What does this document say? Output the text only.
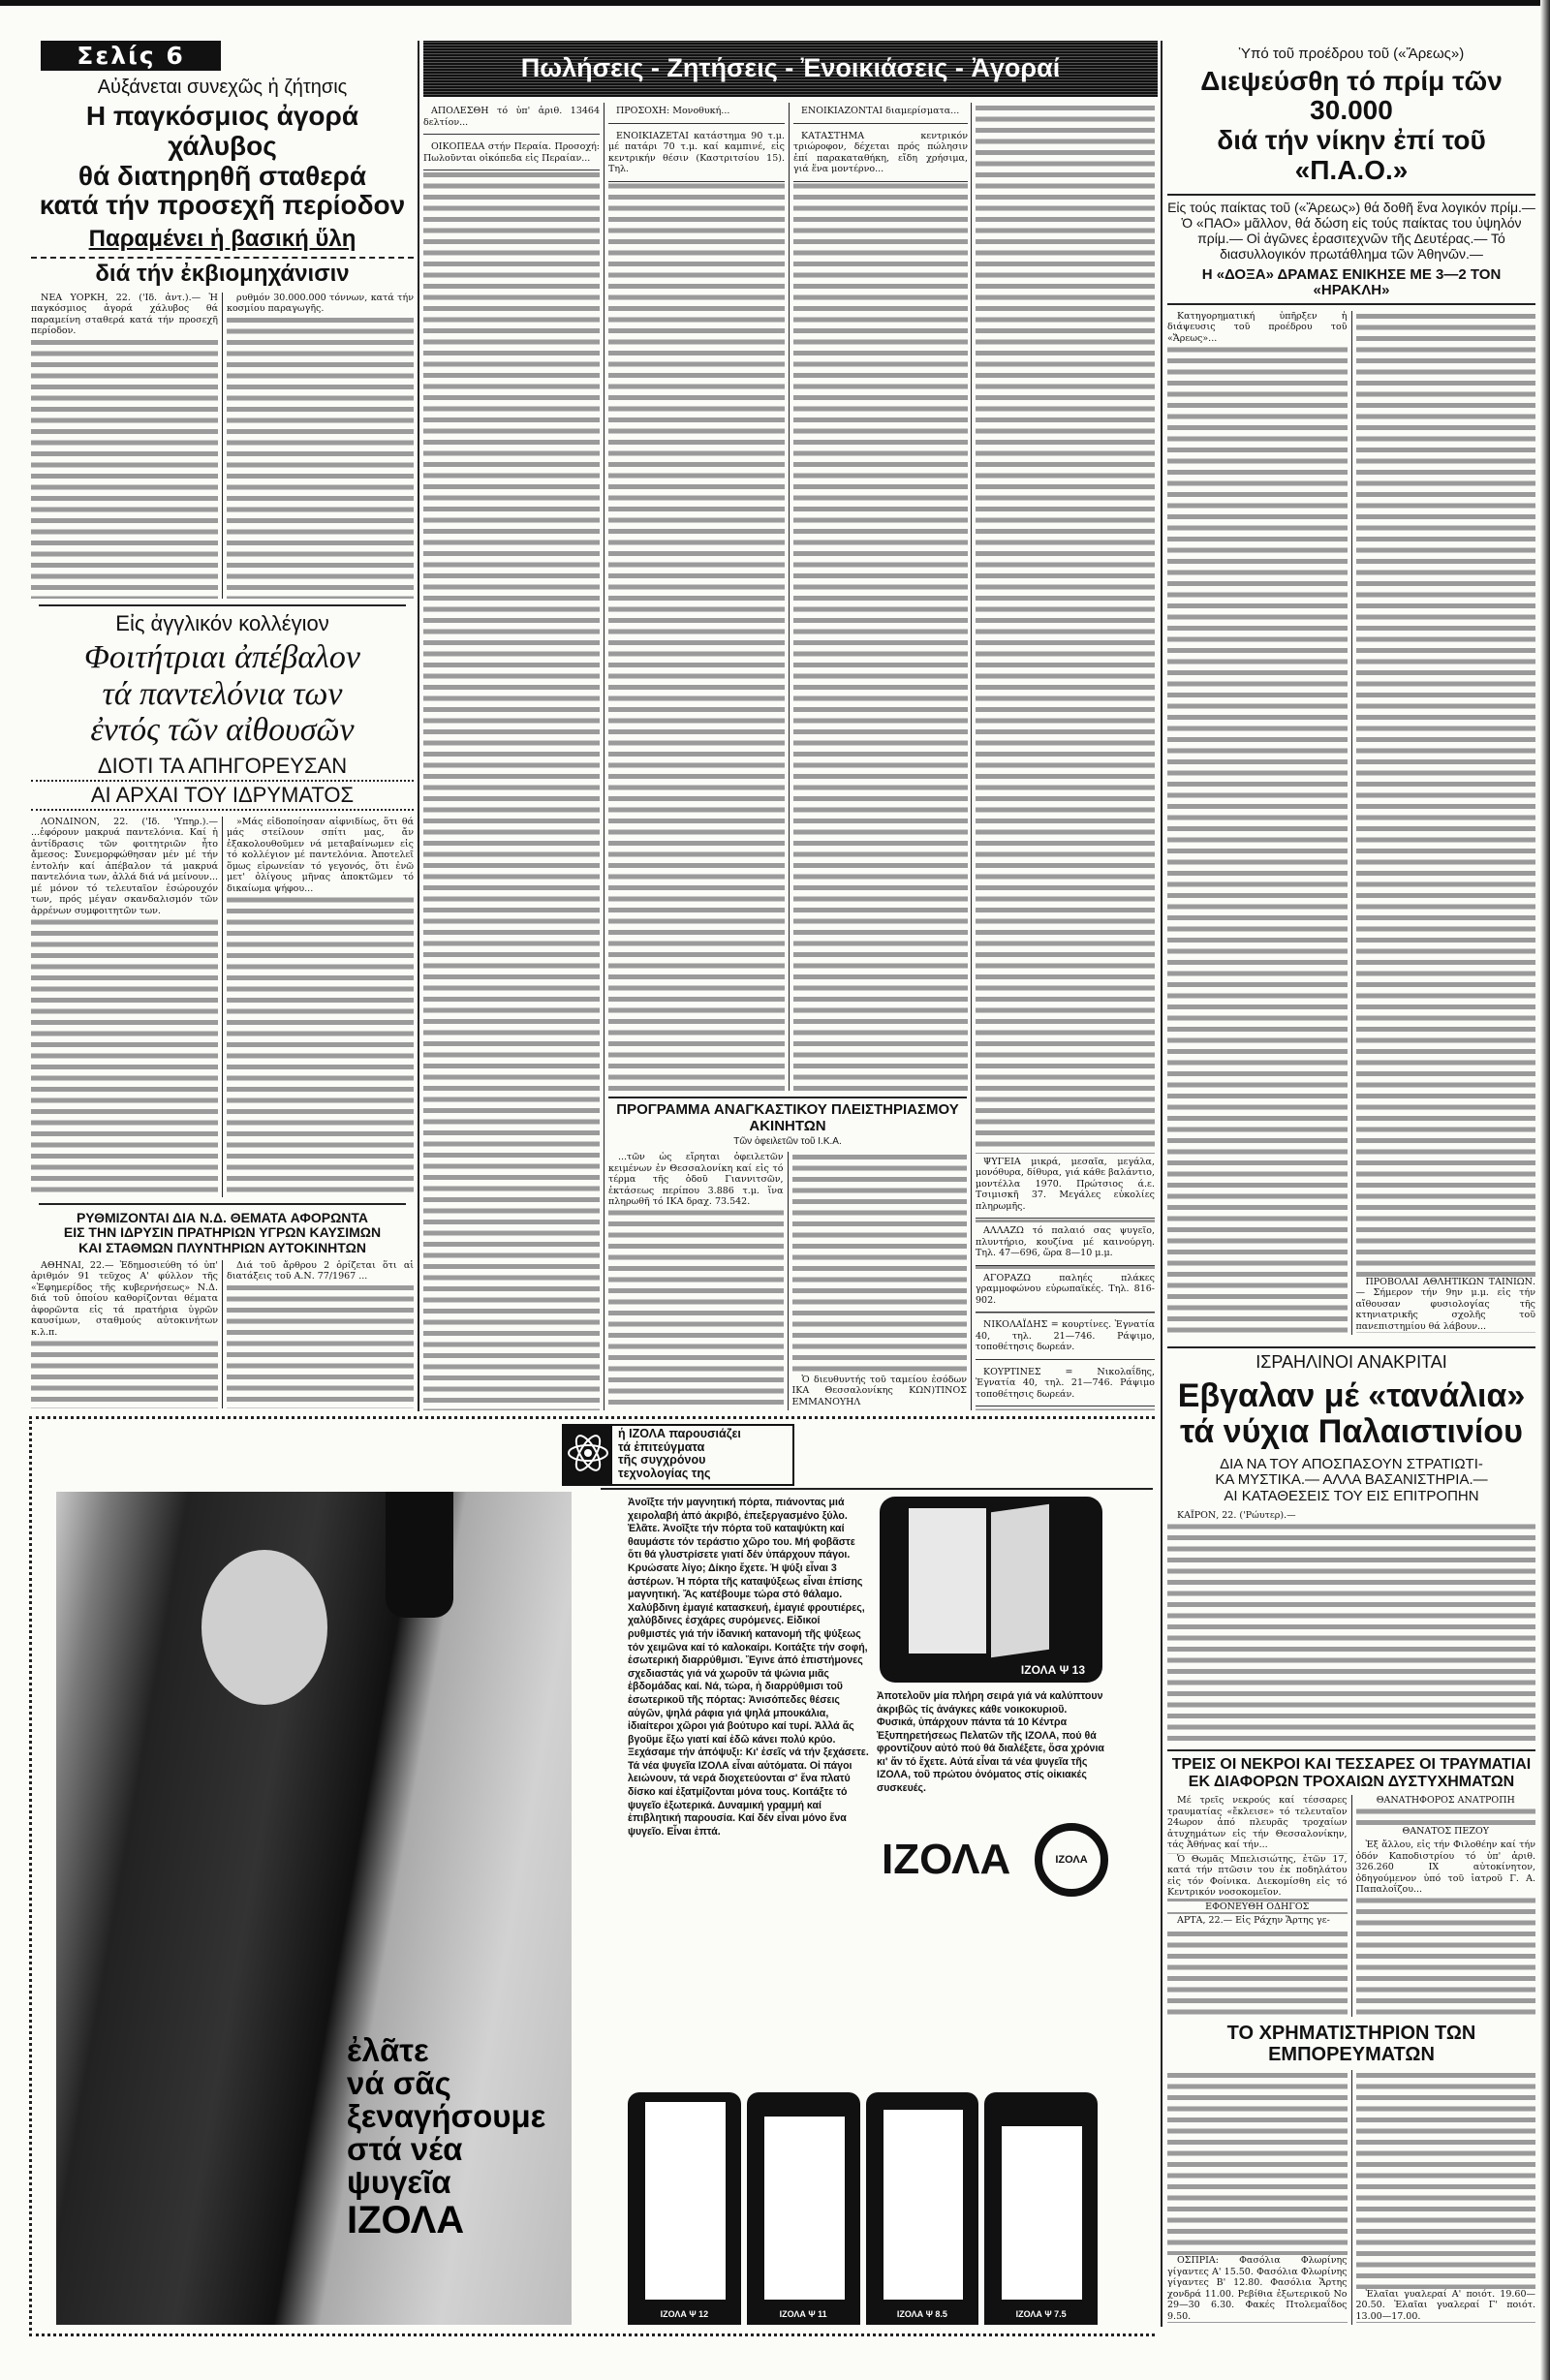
Σελίς 6
Αὐξάνεται συνεχῶς ἡ ζήτησις
Η παγκόσμιος ἀγορά χάλυβος
θά διατηρηθῆ σταθερά
κατά τήν προσεχῆ περίοδον
Παραμένει ἡ βασική ὕλη
διά τήν ἐκβιομηχάνισιν

ΝΕΑ ΥΟΡΚΗ, 22. ('Ιδ. ἀντ.).— Ἡ παγκόσμιος ἀγορά χάλυβος θά παραμείνη σταθερά κατά τήν προσεχῆ περίοδον.

ρυθμόν 30.000.000 τόννων, κατά τήν κοσμίου παραγωγῆς.

Εἰς ἀγγλικόν κολλέγιον
Φοιτήτριαι ἀπέβαλον
τά παντελόνια των
ἐντός τῶν αἰθουσῶν
ΔΙΟΤΙ ΤΑ ΑΠΗΓΟΡΕΥΣΑΝ
ΑΙ ΑΡΧΑΙ ΤΟΥ ΙΔΡΥΜΑΤΟΣ

ΛΟΝΔΙΝΟΝ, 22. ('Ιδ. 'Υπηρ.).— ...ἐφόρουν μακρυά παντελόνια. Καί ἡ ἀντίδρασις τῶν φοιτητριῶν ἦτο ἄμεσος: Συνεμορφώθησαν μέν μέ τήν ἐντολήν καί ἀπέβαλον τά μακρυά παντελόνια των, ἀλλά διά νά μείνουν... μέ μόνον τό τελευταῖον ἐσώρουχόν των, πρός μέγαν σκανδαλισμόν τῶν ἀρρένων συμφοιτητῶν των.

»Μάς εἰδοποίησαν αἰφνιδίως, ὅτι θά μάς στείλουν σπίτι μας, ἄν ἐξακολουθοῦμεν νά μεταβαίνωμεν εἰς τό κολλέγιον μέ παντελόνια. Ἀποτελεῖ ὅμως εἰρωνείαν τό γεγονός, ὅτι ἐνῶ μετ' ὀλίγους μῆνας ἀποκτῶμεν τό δικαίωμα ψήφου...

ΡΥΘΜΙΖΟΝΤΑΙ ΔΙΑ Ν.Δ. ΘΕΜΑΤΑ ΑΦΟΡΩΝΤΑ
ΕΙΣ ΤΗΝ ΙΔΡΥΣΙΝ ΠΡΑΤΗΡΙΩΝ ΥΓΡΩΝ ΚΑΥΣΙΜΩΝ
ΚΑΙ ΣΤΑΘΜΩΝ ΠΛΥΝΤΗΡΙΩΝ ΑΥΤΟΚΙΝΗΤΩΝ

ΑΘΗΝΑΙ, 22.— Ἐδημοσιεύθη τό ὑπ' ἀριθμόν 91 τεῦχος Α' φύλλον τῆς «Ἐφημερίδος τῆς κυβερνήσεως» Ν.Δ. διά τοῦ ὁποίου καθορίζονται θέματα ἀφορῶντα εἰς τά πρατήρια ὑγρῶν καυσίμων, σταθμούς αὐτοκινήτων κ.λ.π.

Διά τοῦ ἄρθρου 2 ὁρίζεται ὅτι αἱ διατάξεις τοῦ Α.Ν. 77/1967 ...

Πωλήσεις - Ζητήσεις - Ἐνοικιάσεις - Ἀγοραί

ΑΠΟΛΕΣΘΗ τό ὑπ' ἀριθ. 13464 δελτίον...

ΟΙΚΟΠΕΔΑ στήν Περαία. Προσοχή: Πωλοῦνται οἰκόπεδα εἰς Περαίαν...

ΠΡΟΣΟΧΗ: Μονοθυκή...

ΕΝΟΙΚΙΑΖΕΤΑΙ κατάστημα 90 τ.μ. μέ πατάρι 70 τ.μ. καί καμπινέ, εἰς κεντρικήν θέσιν (Καστριτσίου 15). Τηλ.

ΕΝΟΙΚΙΑΖΟΝΤΑΙ διαμερίσματα...

ΚΑΤΑΣΤΗΜΑ κεντρικόν τριώροφον, δέχεται πρός πώλησιν ἐπί παρακαταθήκη, εἴδη χρήσιμα, γιά ἕνα μοντέρνο...

ΨΥΓΕΙΑ μικρά, μεσαῖα, μεγάλα, μονόθυρα, δίθυρα, γιά κάθε βαλάντιο, μοντέλλα 1970. Πρώτσιος ά.ε. Τσιμισκῆ 37. Μεγάλες εὐκολίες πληρωμῆς.

ΑΛΛΑΖΩ τό παλαιό σας ψυγεῖο, πλυντήριο, κουζίνα μέ καινούργη. Τηλ. 47—696, ὥρα 8—10 μ.μ.

ΑΓΟΡΑΖΩ παληές πλάκες γραμμοφώνου εὐρωπαϊκές. Τηλ. 816-902.

ΝΙΚΟΛΑΪΔΗΣ = κουρτίνες. Ἐγνατία 40, τηλ. 21—746. Ράψιμο, τοποθέτησις δωρεάν.

ΚΟΥΡΤΙΝΕΣ = Νικολαΐδης, Ἐγνατία 40, τηλ. 21—746. Ράψιμο τοποθέτησις δωρεάν.

ΠΡΟΓΡΑΜΜΑ ΑΝΑΓΚΑΣΤΙΚΟΥ ΠΛΕΙΣΤΗΡΙΑΣΜΟΥ ΑΚΙΝΗΤΩΝ
Τῶν ὀφειλετῶν τοῦ Ι.Κ.Α.

...τῶν ὡς εἴρηται ὀφειλετῶν κειμένων ἐν Θεσσαλονίκη καί εἰς τό τέρμα τῆς ὁδοῦ Γιαννιτσῶν, ἐκτάσεως περίπου 3.886 τ.μ. ἵνα πληρωθῆ τό ΙΚΑ δραχ. 73.542.

Ὁ διευθυντής τοῦ ταμείου ἐσόδων ΙΚΑ Θεσσαλονίκης ΚΩΝ)ΤΙΝΟΣ ΕΜΜΑΝΟΥΗΛ

Ὑπό τοῦ προέδρου τοῦ («Ἄρεως»)
Διεψεύσθη τό πρίμ τῶν 30.000
διά τήν νίκην ἐπί τοῦ «Π.Α.Ο.»
Εἰς τούς παίκτας τοῦ («Ἄρεως») θά δοθῆ ἕνα λογικόν πρίμ.— Ὁ «ΠΑΟ» μᾶλλον, θά δώση εἰς τούς παίκτας του ὑψηλόν πρίμ.— Οἱ ἀγῶνες ἐρασιτεχνῶν τῆς Δευτέρας.— Τό διασυλλογικόν πρωτάθλημα τῶν Ἀθηνῶν.—
Η «ΔΟΞΑ» ΔΡΑΜΑΣ ΕΝΙΚΗΣΕ ΜΕ 3—2 ΤΟΝ «ΗΡΑΚΛΗ»

Κατηγορηματική ὑπῆρξεν ἡ διάψευσις τοῦ προέδρου τοῦ «Ἄρεως»...

ΠΡΟΒΟΛΑΙ ΑΘΛΗΤΙΚΩΝ ΤΑΙΝΙΩΝ.— Σήμερον τήν 9ην μ.μ. εἰς τήν αἴθουσαν φυσιολογίας τῆς κτηνιατρικῆς σχολῆς τοῦ πανεπιστημίου θά λάβουν...

ΙΣΡΑΗΛΙΝΟΙ ΑΝΑΚΡΙΤΑΙ
Εβγαλαν μέ «τανάλια»
τά νύχια Παλαιστινίου
ΔΙΑ ΝΑ ΤΟΥ ΑΠΟΣΠΑΣΟΥΝ ΣΤΡΑΤΙΩΤΙ-
ΚΑ ΜΥΣΤΙΚΑ.— ΑΛΛΑ ΒΑΣΑΝΙΣΤΗΡΙΑ.—
ΑΙ ΚΑΤΑΘΕΣΕΙΣ ΤΟΥ ΕΙΣ ΕΠΙΤΡΟΠΗΝ

ΚΑΪΡΟΝ, 22. ('Ρώυτερ).—

ΤΡΕΙΣ ΟΙ ΝΕΚΡΟΙ ΚΑΙ ΤΕΣΣΑΡΕΣ ΟΙ ΤΡΑΥΜΑΤΙΑΙ
ΕΚ ΔΙΑΦΟΡΩΝ ΤΡΟΧΑΙΩΝ ΔΥΣΤΥΧΗΜΑΤΩΝ

Μέ τρεῖς νεκρούς καί τέσσαρες τραυματίας «ἔκλεισε» τό τελευταῖον 24ωρον ἀπό πλευρᾶς τροχαίων ἀτυχημάτων εἰς τήν Θεσσαλονίκην, τάς Ἀθήνας καί τήν...

Ὁ Θωμᾶς Μπελισιώτης, ἐτῶν 17, κατά τήν πτῶσιν του ἐκ ποδηλάτου εἰς τόν Φοίνικα. Διεκομίσθη εἰς τό Κεντρικόν νοσοκομεῖον.

ΕΦΟΝΕΥΘΗ ΟΔΗΓΟΣ

ΑΡΤΑ, 22.— Εἰς Ράχην Ἄρτης γε-

ΘΑΝΑΤΗΦΟΡΟΣ ΑΝΑΤΡΟΠΗ

ΘΑΝΑΤΟΣ ΠΕΖΟΥ

Ἐξ ἄλλου, εἰς τήν Φιλοθέην καί τήν ὁδόν Καποδιστρίου τό ὑπ' ἀριθ. 326.260 ΙΧ αὐτοκίνητον, ὁδηγούμενον ὑπό τοῦ ἰατροῦ Γ. Α. Παπαλοΐζου...

ΤΟ ΧΡΗΜΑΤΙΣΤΗΡΙΟΝ ΤΩΝ ΕΜΠΟΡΕΥΜΑΤΩΝ

ΟΣΠΡΙΑ: Φασόλια Φλωρίνης γίγαντες Α' 15.50. Φασόλια Φλωρίνης γίγαντες Β' 12.80. Φασόλια Ἄρτης χονδρά 11.00. Ρεβίθια ἐξωτερικοῦ Νο 29—30 6.30. Φακές Πτολεμαΐδος 9.50.

Ἐλαῖαι γυαλεραί Α' ποιότ. 19.60—20.50. Ἐλαῖαι γυαλεραί Γ' ποιότ. 13.00—17.00.

ἡ ΙΖΟΛΑ παρουσιάζει
τά ἐπιτεύγματα
τῆς συγχρόνου
τεχνολογίας της
ἐλᾶτε
νά σᾶς
ξεναγήσουμε
στά νέα
ψυγεῖα
ΙΖΟΛΑ
Ἀνοῖξτε τήν μαγνητική πόρτα, πιάνοντας μιά χειρολαβή ἀπό ἀκριβό, ἐπεξεργασμένο ξύλο. Ἐλᾶτε. Ἀνοῖξτε τήν πόρτα τοῦ καταψύκτη καί θαυμάστε τόν τεράστιο χῶρο του. Μή φοβᾶστε ὅτι θά γλυστρίσετε γιατί δέν ὑπάρχουν πάγοι. Κρυώσατε λίγο; Δίκηο ἔχετε. Ἡ ψύξι εἶναι 3 ἀστέρων. Ἡ πόρτα τῆς καταψύξεως εἶναι ἐπίσης μαγνητική. Ἄς κατέβουμε τώρα στό θάλαμο. Χαλύβδινη ἐμαγιέ κατασκευή, ἐμαγιέ φρουτιέρες, χαλύβδινες ἐσχάρες συρόμενες. Εἰδικοί ρυθμιστές γιά τήν ἰδανική κατανομή τῆς ψύξεως τόν χειμῶνα καί τό καλοκαίρι. Κοιτάξτε τήν σοφή, ἐσωτερική διαρρύθμισι. Ἔγινε ἀπό ἐπιστήμονες σχεδιαστάς γιά νά χωροῦν τά ψώνια μιᾶς ἑβδομάδας καί. Νά, τώρα, ἡ διαρρύθμισι τοῦ ἐσωτερικοῦ τῆς πόρτας: Ἀνισόπεδες θέσεις αὐγῶν, ψηλά ράφια γιά ψηλά μπουκάλια, ἰδιαίτεροι χῶροι γιά βούτυρο καί τυρί. Ἀλλά ἄς βγοῦμε ἔξω γιατί καί ἐδῶ κάνει πολύ κρύο. Ξεχάσαμε τήν ἀπόψυξι: Κι' ἐσεῖς νά τήν ξεχάσετε. Τά νέα ψυγεῖα ΙΖΟΛΑ εἶναι αὐτόματα. Οἱ πάγοι λειώνουν, τά νερά διοχετεύονται σ' ἕνα πλατύ δίσκο καί ἐξατμίζονται μόνα τους. Κοιτάξτε τό ψυγεῖο ἐξωτερικά. Δυναμική γραμμή καί ἐπιβλητική παρουσία. Καί δέν εἶναι μόνο ἕνα ψυγεῖο. Εἶναι ἑπτά.
ΙΖΟΛΑ Ψ 13
Ἀποτελοῦν μία πλήρη σειρά γιά νά καλύπτουν ἀκριβῶς τίς ἀνάγκες κάθε νοικοκυριοῦ. Φυσικά, ὑπάρχουν πάντα τά 10 Κέντρα Ἐξυπηρετήσεως Πελατῶν τῆς ΙΖΟΛΑ, πού θά φροντίζουν αὐτό πού θά διαλέξετε, ὅσα χρόνια κι' ἄν τό ἔχετε. Αὐτά εἶναι τά νέα ψυγεῖα τῆς ΙΖΟΛΑ, τοῦ πρώτου ὀνόματος στίς οἰκιακές συσκευές.
ΙΖΟΛΑ	ΙΖΟΛΑ
ΙΖΟΛΑ Ψ 12	ΙΖΟΛΑ Ψ 11	ΙΖΟΛΑ Ψ 8.5	ΙΖΟΛΑ Ψ 7.5
